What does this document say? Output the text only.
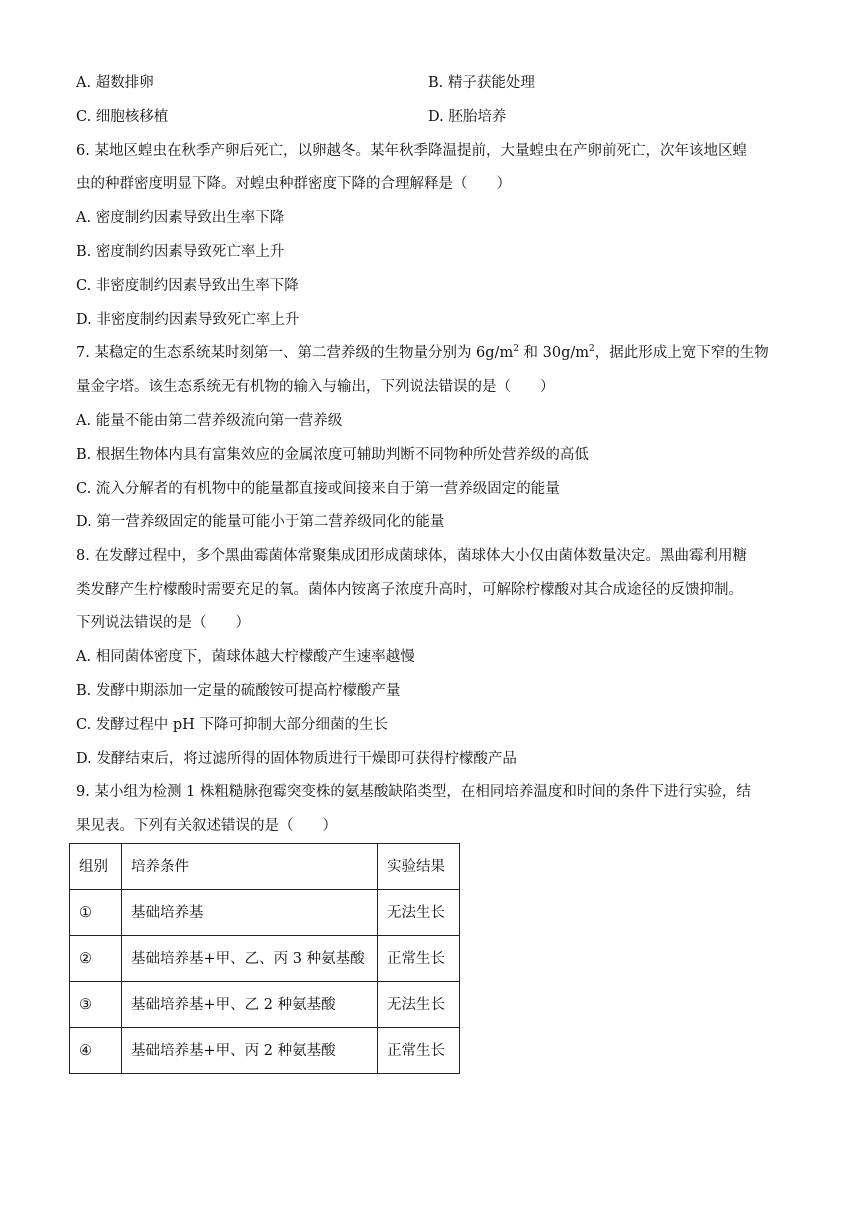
A. 超数排卵	B. 精子获能处理
C. 细胞核移植	D. 胚胎培养
6. 某地区蝗虫在秋季产卵后死亡，以卵越冬。某年秋季降温提前，大量蝗虫在产卵前死亡，次年该地区蝗
虫的种群密度明显下降。对蝗虫种群密度下降的合理解释是（　　）
A. 密度制约因素导致出生率下降
B. 密度制约因素导致死亡率上升
C. 非密度制约因素导致出生率下降
D. 非密度制约因素导致死亡率上升
7. 某稳定的生态系统某时刻第一、第二营养级的生物量分别为 $6g/m^2$ 和 $30g/m^2$，据此形成上宽下窄的生物
量金字塔。该生态系统无有机物的输入与输出，下列说法错误的是（　　）
A. 能量不能由第二营养级流向第一营养级
B. 根据生物体内具有富集效应的金属浓度可辅助判断不同物种所处营养级的高低
C. 流入分解者的有机物中的能量都直接或间接来自于第一营养级固定的能量
D. 第一营养级固定的能量可能小于第二营养级同化的能量
8. 在发酵过程中，多个黑曲霉菌体常聚集成团形成菌球体，菌球体大小仅由菌体数量决定。黑曲霉利用糖
类发酵产生柠檬酸时需要充足的氧。菌体内铵离子浓度升高时，可解除柠檬酸对其合成途径的反馈抑制。
下列说法错误的是（　　）
A. 相同菌体密度下，菌球体越大柠檬酸产生速率越慢
B. 发酵中期添加一定量的硫酸铵可提高柠檬酸产量
C. 发酵过程中 pH 下降可抑制大部分细菌的生长
D. 发酵结束后，将过滤所得的固体物质进行干燥即可获得柠檬酸产品
9. 某小组为检测 1 株粗糙脉孢霉突变株的氨基酸缺陷类型，在相同培养温度和时间的条件下进行实验，结
果见表。下列有关叙述错误的是（　　）
组别	培养条件	实验结果
①	基础培养基	无法生长
②	基础培养基+甲、乙、丙 3 种氨基酸	正常生长
③	基础培养基+甲、乙 2 种氨基酸	无法生长
④	基础培养基+甲、丙 2 种氨基酸	正常生长
